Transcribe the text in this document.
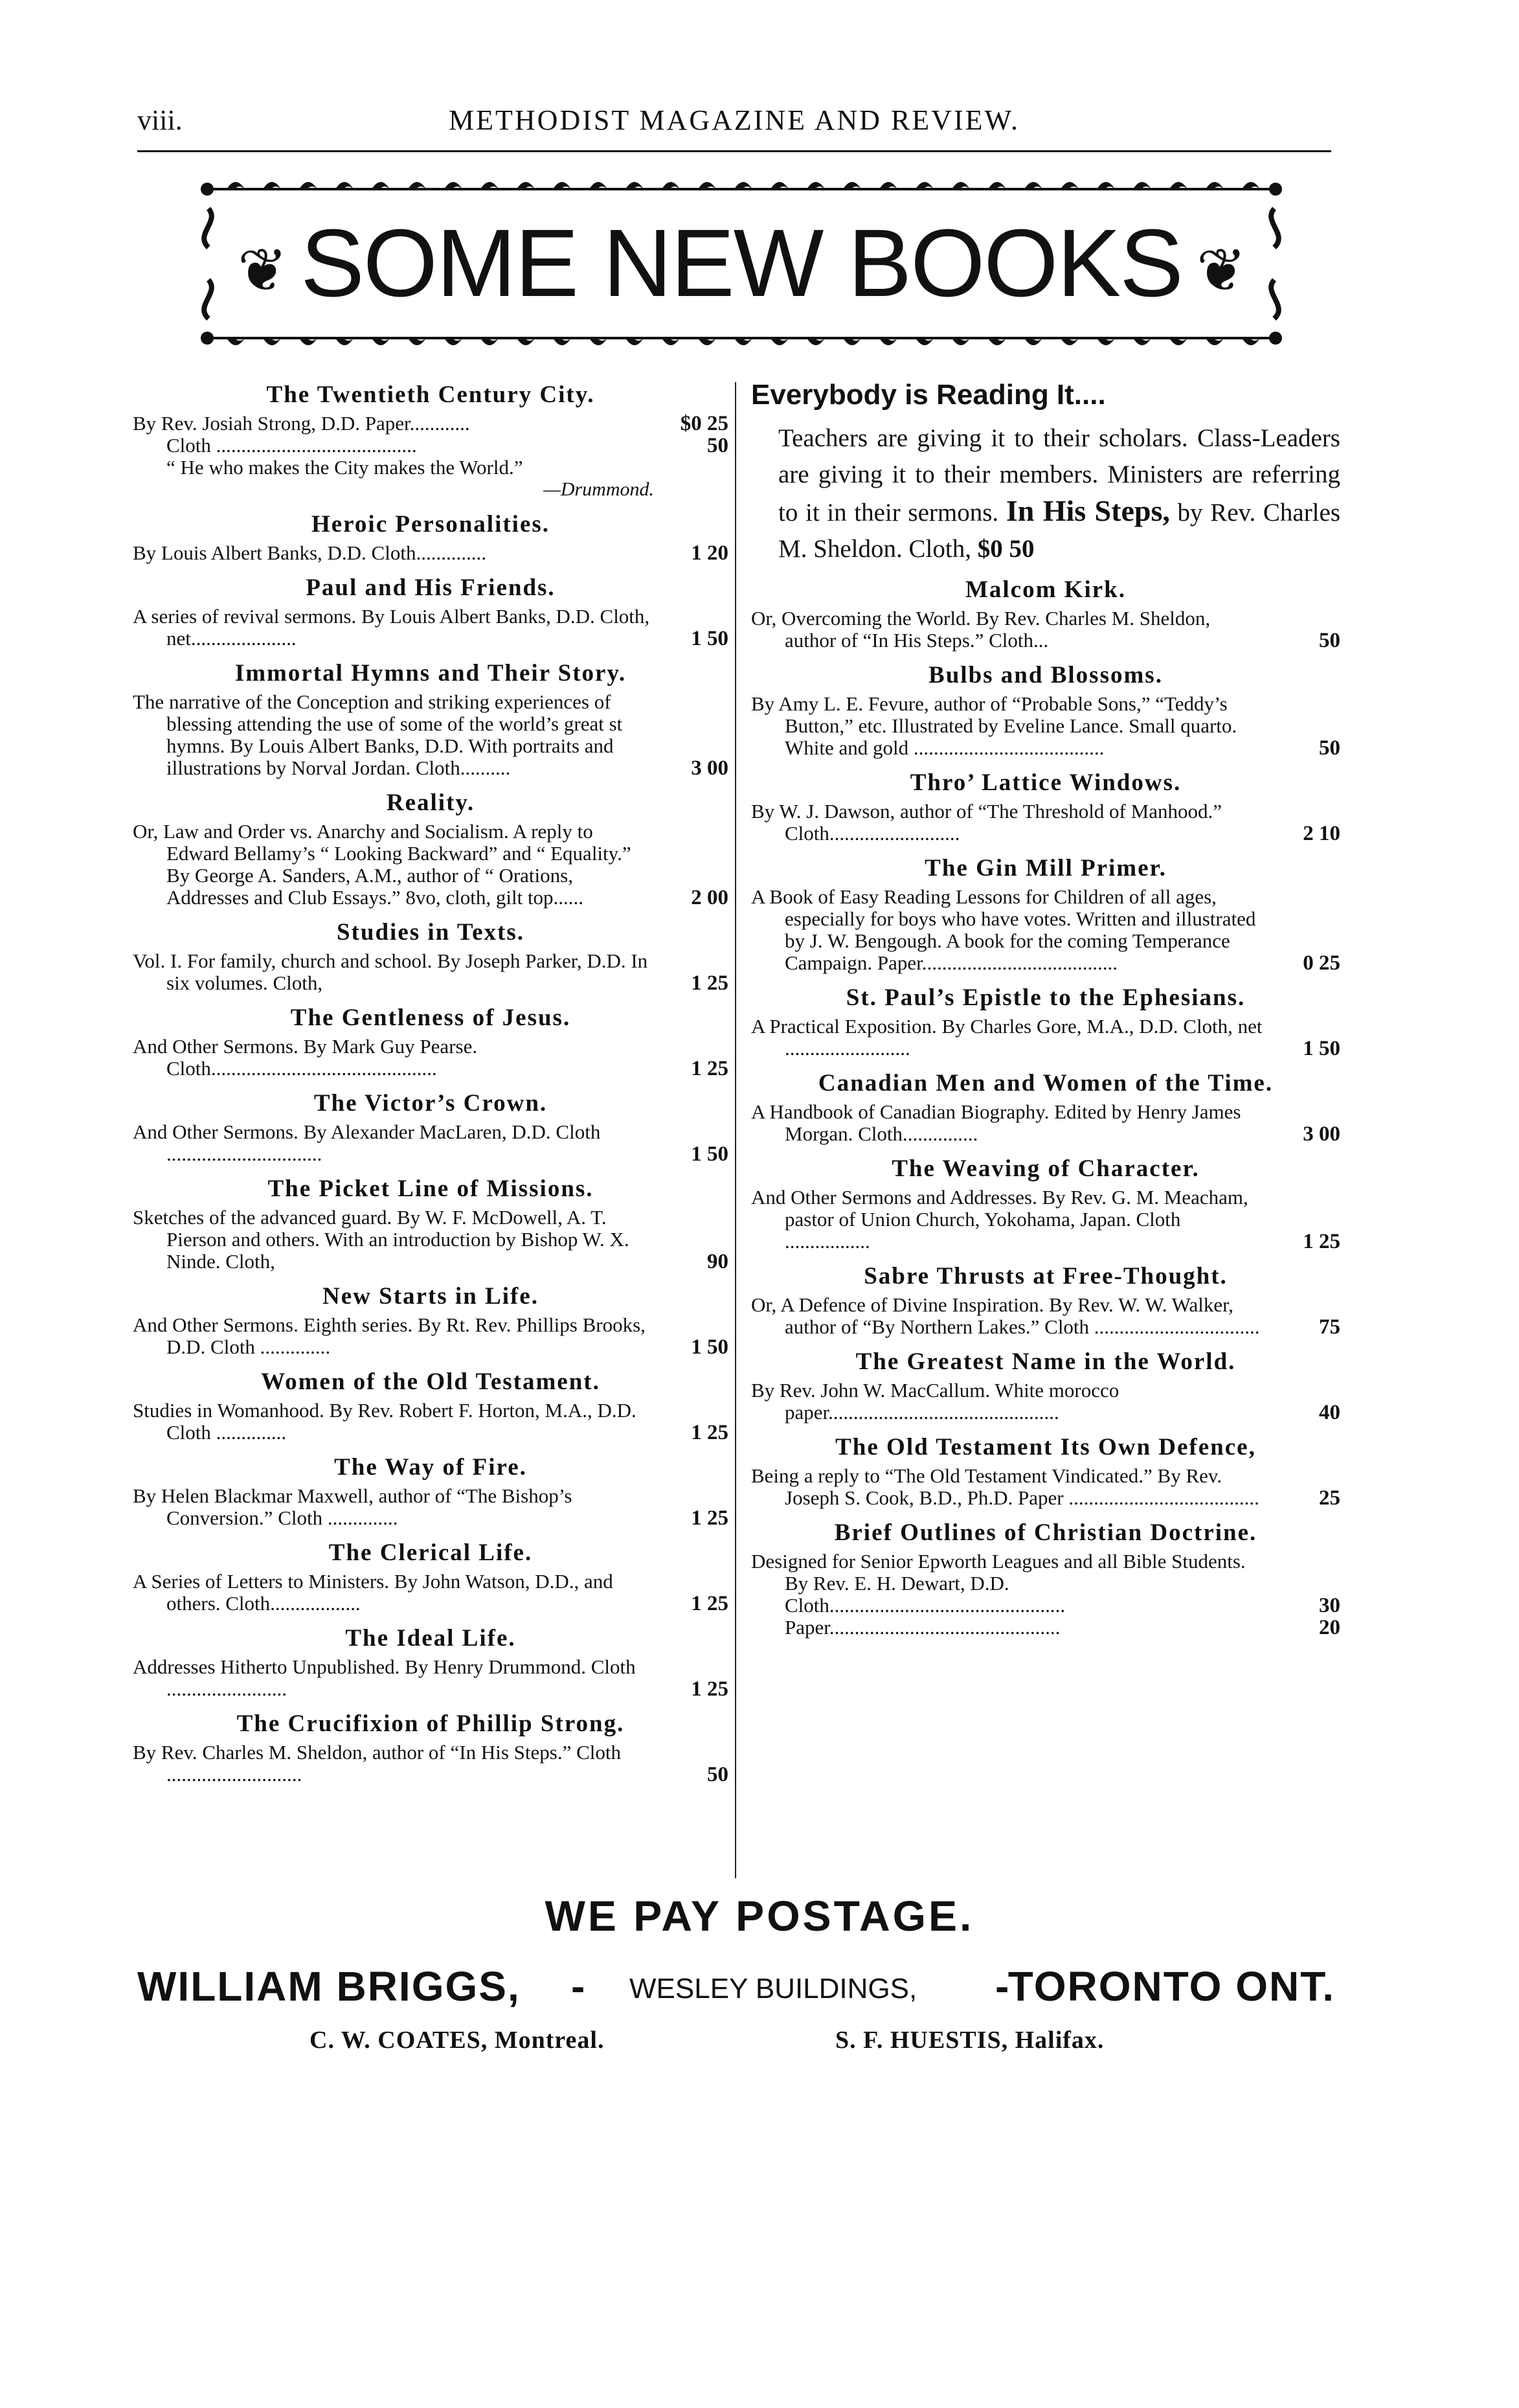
viii.	METHODIST MAGAZINE AND REVIEW.
❦ SOME NEW BOOKS ❦
The Twentieth Century City.
By Rev. Josiah Strong, D.D. Paper............	$0 25
Cloth ........................................	50
“ He who makes the City makes the World.”
—Drummond.
Heroic Personalities.
By Louis Albert Banks, D.D. Cloth..............	1 20
Paul and His Friends.
A series of revival sermons. By Louis Albert Banks, D.D. Cloth, net.....................	1 50
Immortal Hymns and Their Story.
The narrative of the Conception and striking experiences of blessing attending the use of some of the world’s great st hymns. By Louis Albert Banks, D.D. With portraits and illustrations by Norval Jordan. Cloth..........	3 00
Reality.
Or, Law and Order vs. Anarchy and Socialism. A reply to Edward Bellamy’s “ Looking Backward” and “ Equality.” By George A. Sanders, A.M., author of “ Orations, Addresses and Club Essays.” 8vo, cloth, gilt top......	2 00
Studies in Texts.
Vol. I. For family, church and school. By Joseph Parker, D.D. In six volumes. Cloth,	1 25
The Gentleness of Jesus.
And Other Sermons. By Mark Guy Pearse. Cloth.............................................	1 25
The Victor’s Crown.
And Other Sermons. By Alexander MacLaren, D.D. Cloth ...............................	1 50
The Picket Line of Missions.
Sketches of the advanced guard. By W. F. McDowell, A. T. Pierson and others. With an introduction by Bishop W. X. Ninde. Cloth,	90
New Starts in Life.
And Other Sermons. Eighth series. By Rt. Rev. Phillips Brooks, D.D. Cloth ..............	1 50
Women of the Old Testament.
Studies in Womanhood. By Rev. Robert F. Horton, M.A., D.D. Cloth ..............	1 25
The Way of Fire.
By Helen Blackmar Maxwell, author of “The Bishop’s Conversion.” Cloth ..............	1 25
The Clerical Life.
A Series of Letters to Ministers. By John Watson, D.D., and others. Cloth..................	1 25
The Ideal Life.
Addresses Hitherto Unpublished. By Henry Drummond. Cloth ........................	1 25
The Crucifixion of Phillip Strong.
By Rev. Charles M. Sheldon, author of “In His Steps.” Cloth ...........................	50
Everybody is Reading It....
Teachers are giving it to their scholars. Class-Leaders are giving it to their members. Ministers are referring to it in their sermons. In His Steps, by Rev. Charles M. Sheldon. Cloth, $0 50
Malcom Kirk.
Or, Overcoming the World. By Rev. Charles M. Sheldon, author of “In His Steps.” Cloth...	50
Bulbs and Blossoms.
By Amy L. E. Fevure, author of “Probable Sons,” “Teddy’s Button,” etc. Illustrated by Eveline Lance. Small quarto. White and gold ......................................	50
Thro’ Lattice Windows.
By W. J. Dawson, author of “The Threshold of Manhood.” Cloth..........................	2 10
The Gin Mill Primer.
A Book of Easy Reading Lessons for Children of all ages, especially for boys who have votes. Written and illustrated by J. W. Bengough. A book for the coming Temperance Campaign. Paper.......................................	0 25
St. Paul’s Epistle to the Ephesians.
A Practical Exposition. By Charles Gore, M.A., D.D. Cloth, net .........................	1 50
Canadian Men and Women of the Time.
A Handbook of Canadian Biography. Edited by Henry James Morgan. Cloth...............	3 00
The Weaving of Character.
And Other Sermons and Addresses. By Rev. G. M. Meacham, pastor of Union Church, Yokohama, Japan. Cloth .................	1 25
Sabre Thrusts at Free-Thought.
Or, A Defence of Divine Inspiration. By Rev. W. W. Walker, author of “By Northern Lakes.” Cloth .................................	75
The Greatest Name in the World.
By Rev. John W. MacCallum. White morocco paper..............................................	40
The Old Testament Its Own Defence,
Being a reply to “The Old Testament Vindicated.” By Rev. Joseph S. Cook, B.D., Ph.D. Paper ......................................	25
Brief Outlines of Christian Doctrine.
Designed for Senior Epworth Leagues and all Bible Students. By Rev. E. H. Dewart, D.D. Cloth...............................................	30
Paper..............................................	20
WE PAY POSTAGE.
WILLIAM BRIGGS, - WESLEY BUILDINGS, -
TORONTO ONT.
C. W. COATES, Montreal.	S. F. HUESTIS, Halifax.
